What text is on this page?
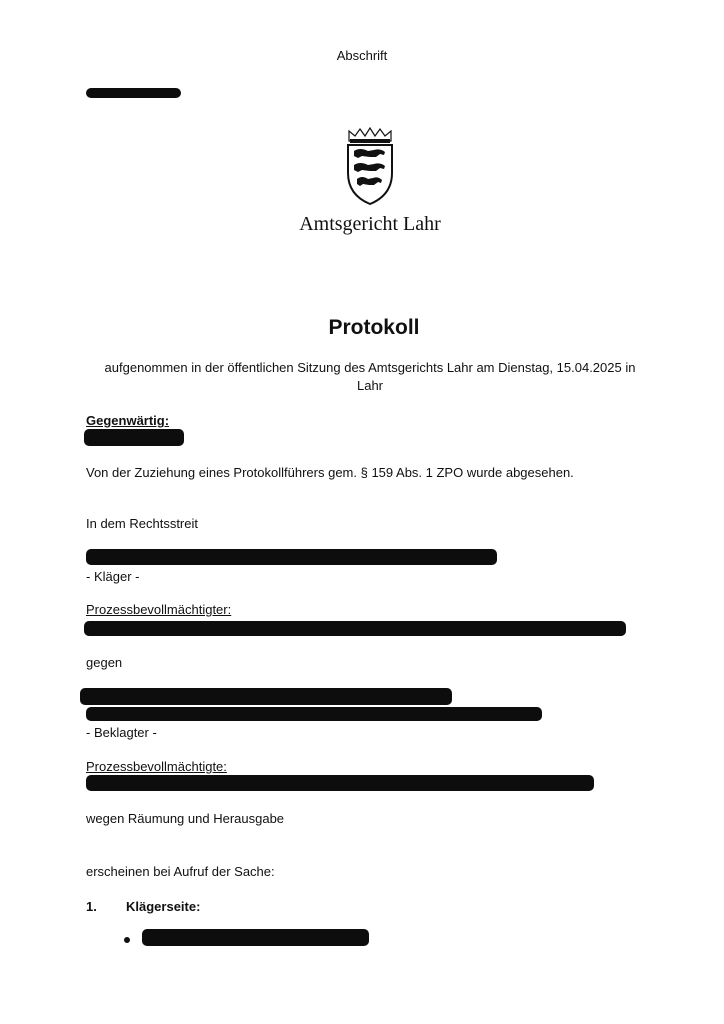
Abschrift
Amtsgericht Lahr
Protokoll
aufgenommen in der öffentlichen Sitzung des Amtsgerichts Lahr am Dienstag, 15.04.2025 in
Lahr
Gegenwärtig:
Von der Zuziehung eines Protokollführers gem. § 159 Abs. 1 ZPO wurde abgesehen.
In dem Rechtsstreit
- Kläger -
Prozessbevollmächtigter:
gegen
- Beklagter -
Prozessbevollmächtigte:
wegen Räumung und Herausgabe
erscheinen bei Aufruf der Sache:
1. Klägerseite:
